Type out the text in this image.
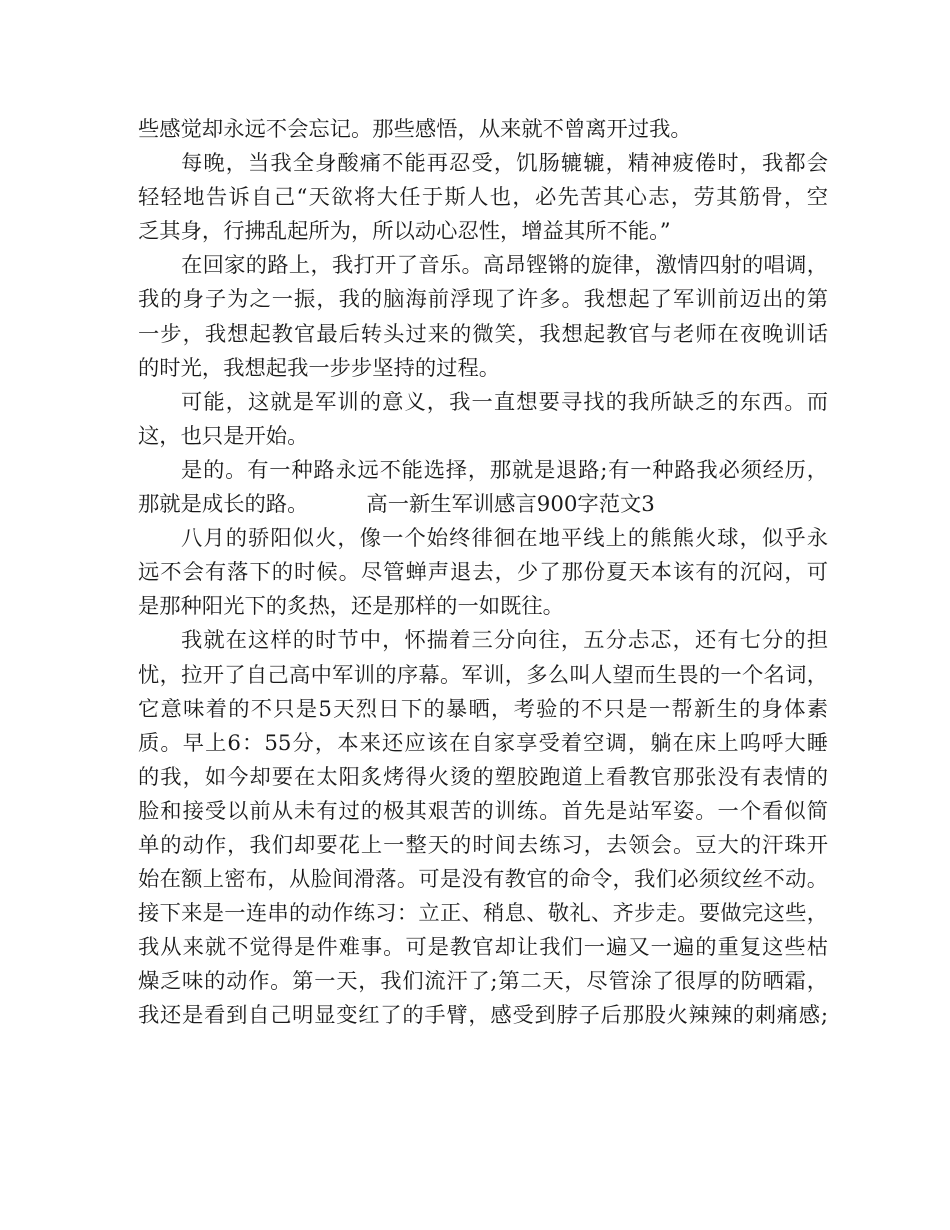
些感觉却永远不会忘记。那些感悟，从来就不曾离开过我。
每晚，当我全身酸痛不能再忍受，饥肠辘辘，精神疲倦时，我都会
轻轻地告诉自己“天欲将大任于斯人也，必先苦其心志，劳其筋骨，空
乏其身，行拂乱起所为，所以动心忍性，增益其所不能。”
在回家的路上，我打开了音乐。高昂铿锵的旋律，激情四射的唱调，
我的身子为之一振，我的脑海前浮现了许多。我想起了军训前迈出的第
一步，我想起教官最后转头过来的微笑，我想起教官与老师在夜晚训话
的时光，我想起我一步步坚持的过程。
可能，这就是军训的意义，我一直想要寻找的我所缺乏的东西。而
这，也只是开始。
是的。有一种路永远不能选择，那就是退路;有一种路我必须经历，
那就是成长的路。	高一新生军训感言900字范文3
八月的骄阳似火，像一个始终徘徊在地平线上的熊熊火球，似乎永
远不会有落下的时候。尽管蝉声退去，少了那份夏天本该有的沉闷，可
是那种阳光下的炙热，还是那样的一如既往。
我就在这样的时节中，怀揣着三分向往，五分忐忑，还有七分的担
忧，拉开了自己高中军训的序幕。军训，多么叫人望而生畏的一个名词，
它意味着的不只是5天烈日下的暴晒，考验的不只是一帮新生的身体素
质。早上6：55分，本来还应该在自家享受着空调，躺在床上呜呼大睡
的我，如今却要在太阳炙烤得火烫的塑胶跑道上看教官那张没有表情的
脸和接受以前从未有过的极其艰苦的训练。首先是站军姿。一个看似简
单的动作，我们却要花上一整天的时间去练习，去领会。豆大的汗珠开
始在额上密布，从脸间滑落。可是没有教官的命令，我们必须纹丝不动。
接下来是一连串的动作练习：立正、稍息、敬礼、齐步走。要做完这些，
我从来就不觉得是件难事。可是教官却让我们一遍又一遍的重复这些枯
燥乏味的动作。第一天，我们流汗了;第二天，尽管涂了很厚的防晒霜，
我还是看到自己明显变红了的手臂，感受到脖子后那股火辣辣的刺痛感;
